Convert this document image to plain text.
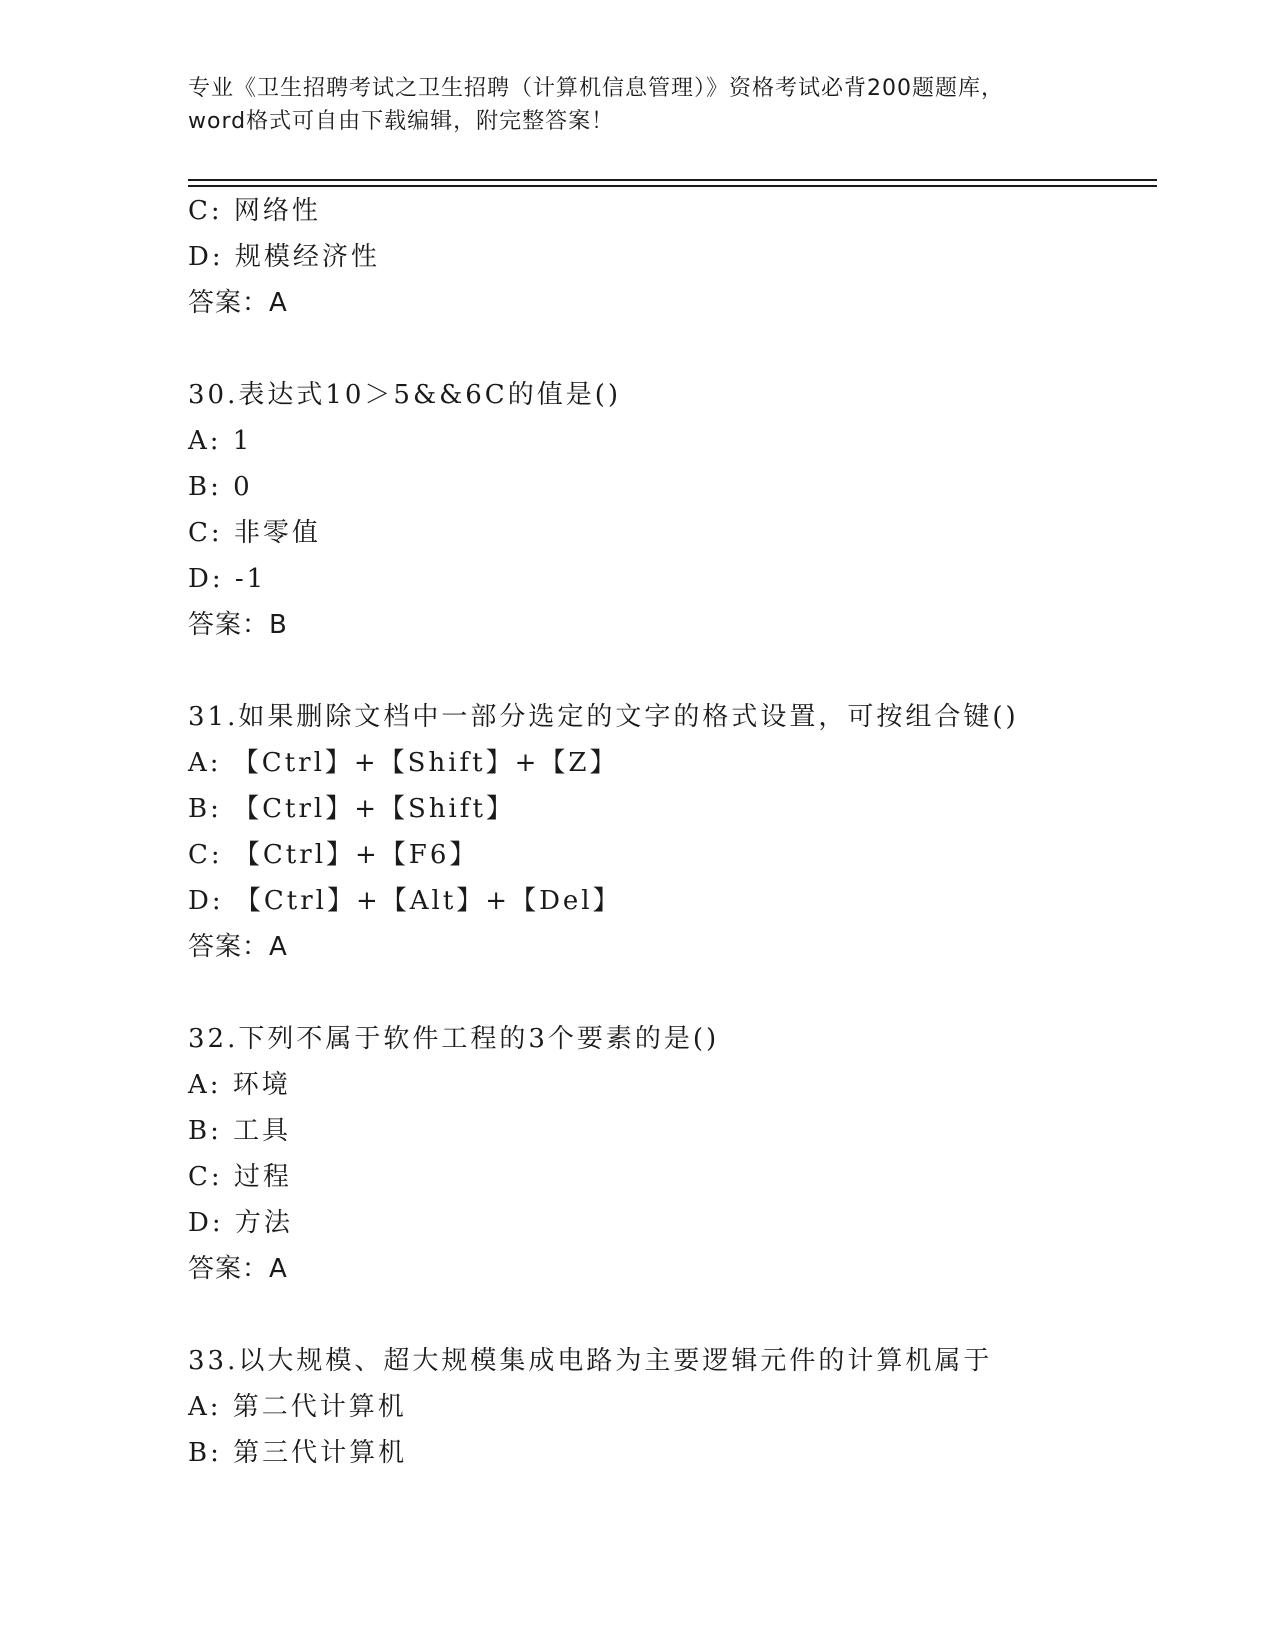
专业《卫生招聘考试之卫生招聘（计算机信息管理）》资格考试必背200题题库，
word格式可自由下载编辑，附完整答案！
C: 网络性
D: 规模经济性
答案：A
30.表达式10＞5&&6C的值是()
A: 1
B: 0
C: 非零值
D: -1
答案：B
31.如果删除文档中一部分选定的文字的格式设置，可按组合键()
A: 【Ctrl】+【Shift】+【Z】
B: 【Ctrl】+【Shift】
C: 【Ctrl】+【F6】
D: 【Ctrl】+【Alt】+【Del】
答案：A
32.下列不属于软件工程的3个要素的是()
A: 环境
B: 工具
C: 过程
D: 方法
答案：A
33.以大规模、超大规模集成电路为主要逻辑元件的计算机属于
A: 第二代计算机
B: 第三代计算机
